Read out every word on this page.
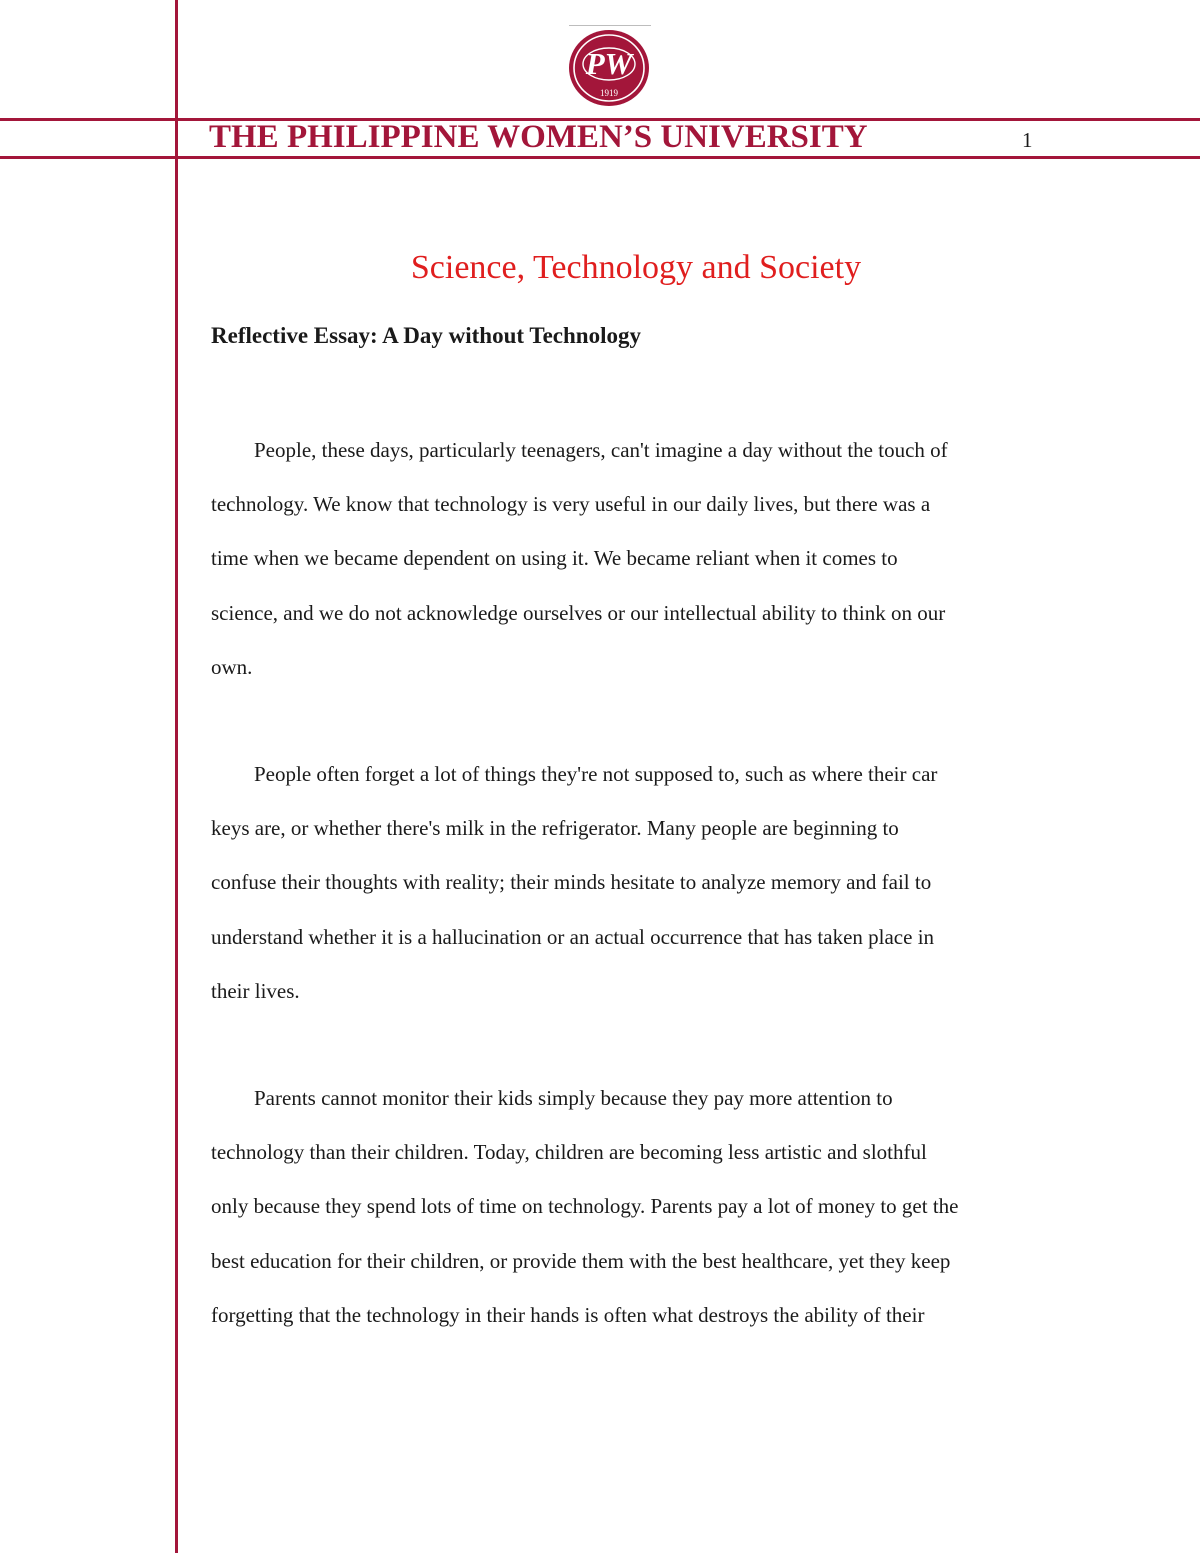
PW
1919
THE PHILIPPINE WOMEN’S UNIVERSITY	1
Science, Technology and Society
Reflective Essay: A Day without Technology

People, these days, particularly teenagers, can't imagine a day without the touch of
technology. We know that technology is very useful in our daily lives, but there was a
time when we became dependent on using it. We became reliant when it comes to
science, and we do not acknowledge ourselves or our intellectual ability to think on our
own.

People often forget a lot of things they're not supposed to, such as where their car
keys are, or whether there's milk in the refrigerator. Many people are beginning to
confuse their thoughts with reality; their minds hesitate to analyze memory and fail to
understand whether it is a hallucination or an actual occurrence that has taken place in
their lives.

Parents cannot monitor their kids simply because they pay more attention to
technology than their children. Today, children are becoming less artistic and slothful
only because they spend lots of time on technology. Parents pay a lot of money to get the
best education for their children, or provide them with the best healthcare, yet they keep
forgetting that the technology in their hands is often what destroys the ability of their
